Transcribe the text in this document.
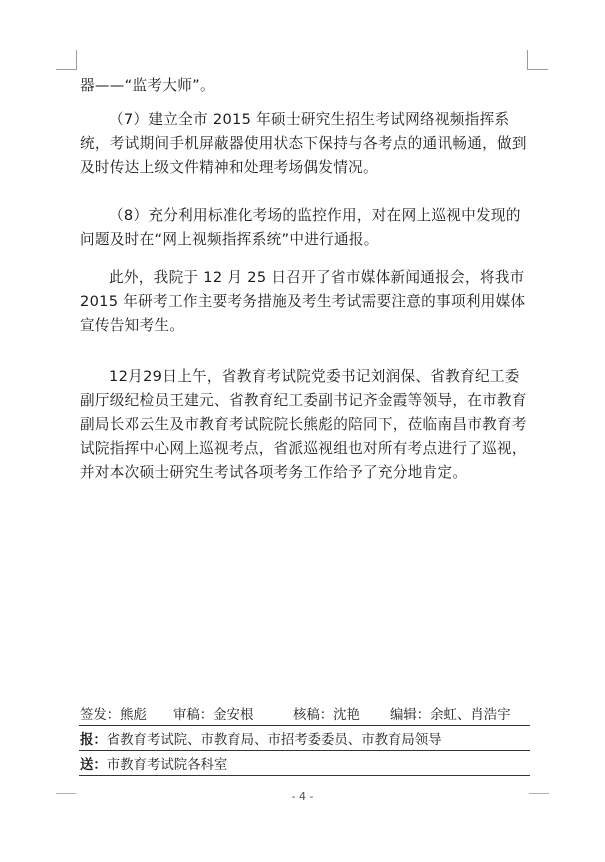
器——“监考大师”。

（7）建立全市 2015 年硕士研究生招生考试网络视频指挥系统，考试期间手机屏蔽器使用状态下保持与各考点的通讯畅通，做到及时传达上级文件精神和处理考场偶发情况。

（8）充分利用标准化考场的监控作用，对在网上巡视中发现的问题及时在“网上视频指挥系统”中进行通报。

此外，我院于 12 月 25 日召开了省市媒体新闻通报会，将我市 2015 年研考工作主要考务措施及考生考试需要注意的事项利用媒体宣传告知考生。

12月29日上午，省教育考试院党委书记刘润保、省教育纪工委副厅级纪检员王建元、省教育纪工委副书记齐金霞等领导，在市教育副局长邓云生及市教育考试院院长熊彪的陪同下，莅临南昌市教育考试院指挥中心网上巡视考点，省派巡视组也对所有考点进行了巡视，并对本次硕士研究生考试各项考务工作给予了充分地肯定。

签发：熊彪 审稿：金安根	核稿：沈艳 编辑：余虹、肖浩宇
报：省教育考试院、市教育局、市招考委委员、市教育局领导
送：市教育考试院各科室
- 4 -
